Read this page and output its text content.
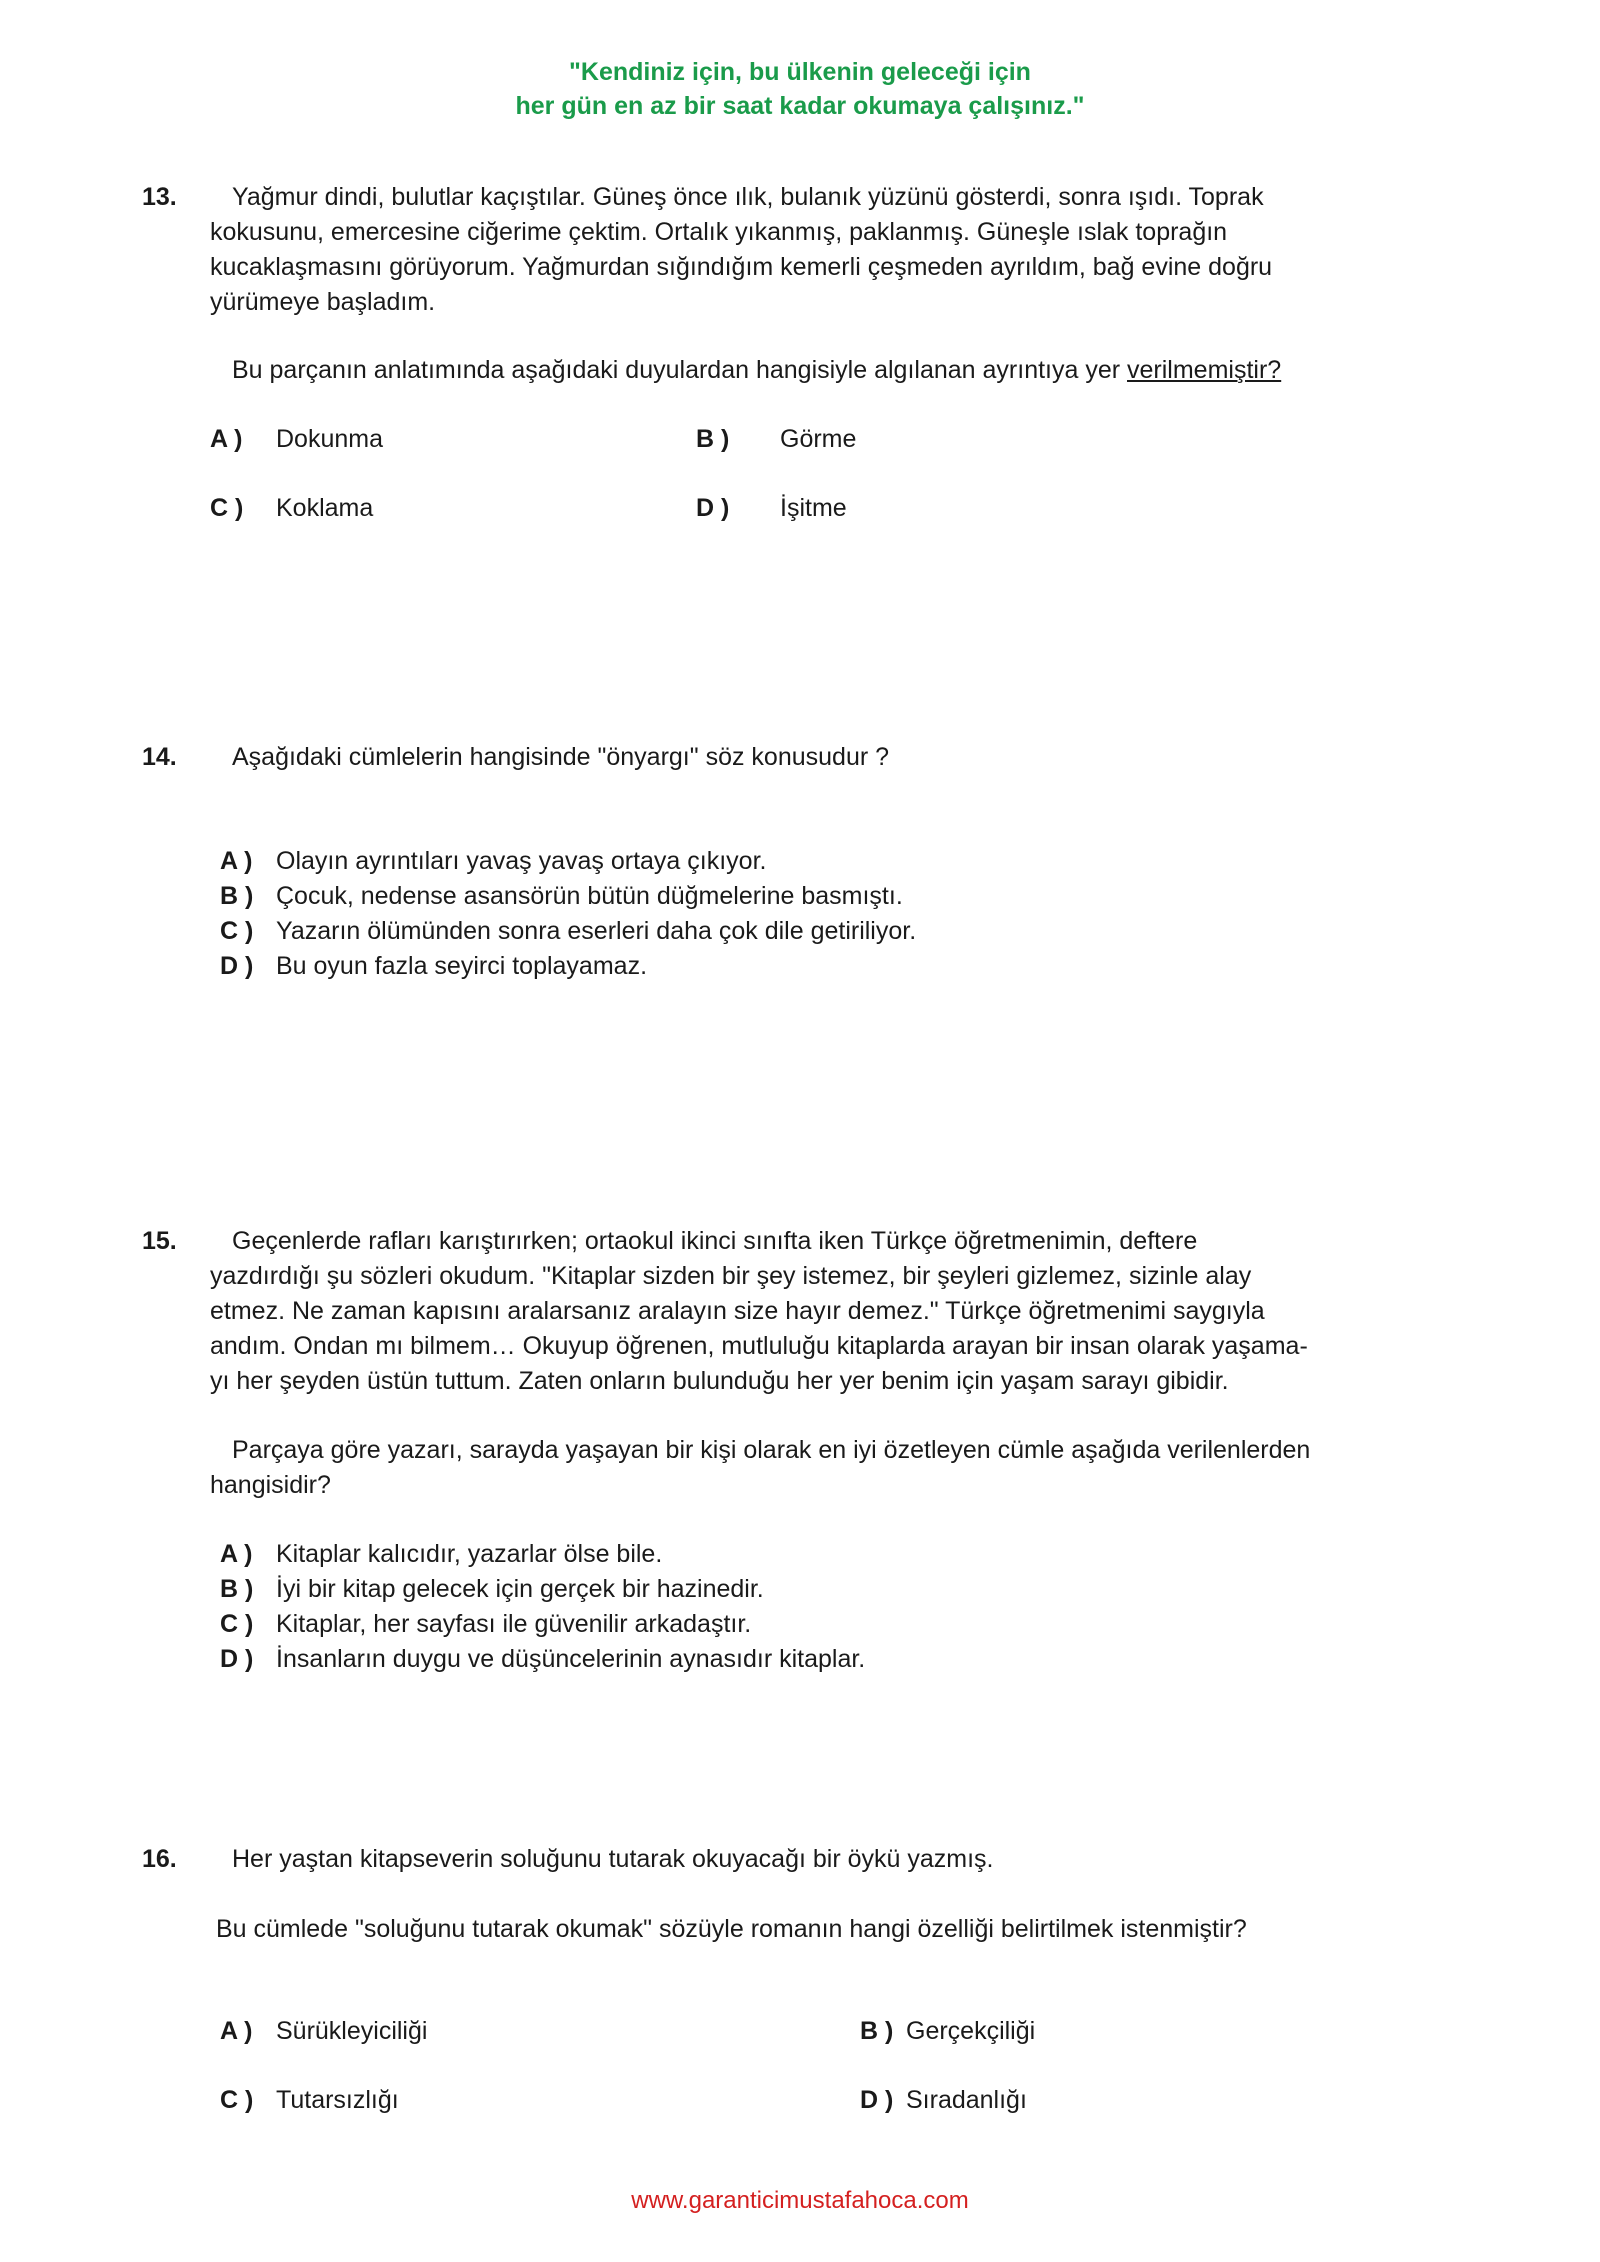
"Kendiniz için, bu ülkenin geleceği için
her gün en az bir saat kadar okumaya çalışınız."
13. Yağmur dindi, bulutlar kaçıştılar. Güneş önce ılık, bulanık yüzünü gösterdi, sonra ışıdı. Toprak
kokusunu, emercesine ciğerime çektim. Ortalık yıkanmış, paklanmış. Güneşle ıslak toprağın
kucaklaşmasını görüyorum. Yağmurdan sığındığım kemerli çeşmeden ayrıldım, bağ evine doğru
yürümeye başladım.
Bu parçanın anlatımında aşağıdaki duyulardan hangisiyle algılanan ayrıntıya yer verilmemiştir?
A ) Dokunma	B ) Görme
C ) Koklama	D ) İşitme
14. Aşağıdaki cümlelerin hangisinde "önyargı" söz konusudur ?
A ) Olayın ayrıntıları yavaş yavaş ortaya çıkıyor.
B ) Çocuk, nedense asansörün bütün düğmelerine basmıştı.
C ) Yazarın ölümünden sonra eserleri daha çok dile getiriliyor.
D ) Bu oyun fazla seyirci toplayamaz.
15. Geçenlerde rafları karıştırırken; ortaokul ikinci sınıfta iken Türkçe öğretmenimin, deftere
yazdırdığı şu sözleri okudum. "Kitaplar sizden bir şey istemez, bir şeyleri gizlemez, sizinle alay
etmez. Ne zaman kapısını aralarsanız aralayın size hayır demez." Türkçe öğretmenimi saygıyla
andım. Ondan mı bilmem… Okuyup öğrenen, mutluluğu kitaplarda arayan bir insan olarak yaşama-
yı her şeyden üstün tuttum. Zaten onların bulunduğu her yer benim için yaşam sarayı gibidir.
Parçaya göre yazarı, sarayda yaşayan bir kişi olarak en iyi özetleyen cümle aşağıda verilenlerden
hangisidir?
A ) Kitaplar kalıcıdır, yazarlar ölse bile.
B ) İyi bir kitap gelecek için gerçek bir hazinedir.
C ) Kitaplar, her sayfası ile güvenilir arkadaştır.
D ) İnsanların duygu ve düşüncelerinin aynasıdır kitaplar.
16. Her yaştan kitapseverin soluğunu tutarak okuyacağı bir öykü yazmış.
Bu cümlede "soluğunu tutarak okumak" sözüyle romanın hangi özelliği belirtilmek istenmiştir?
A ) Sürükleyiciliği	B ) Gerçekçiliği
C ) Tutarsızlığı	D ) Sıradanlığı
www.garanticimustafahoca.com
